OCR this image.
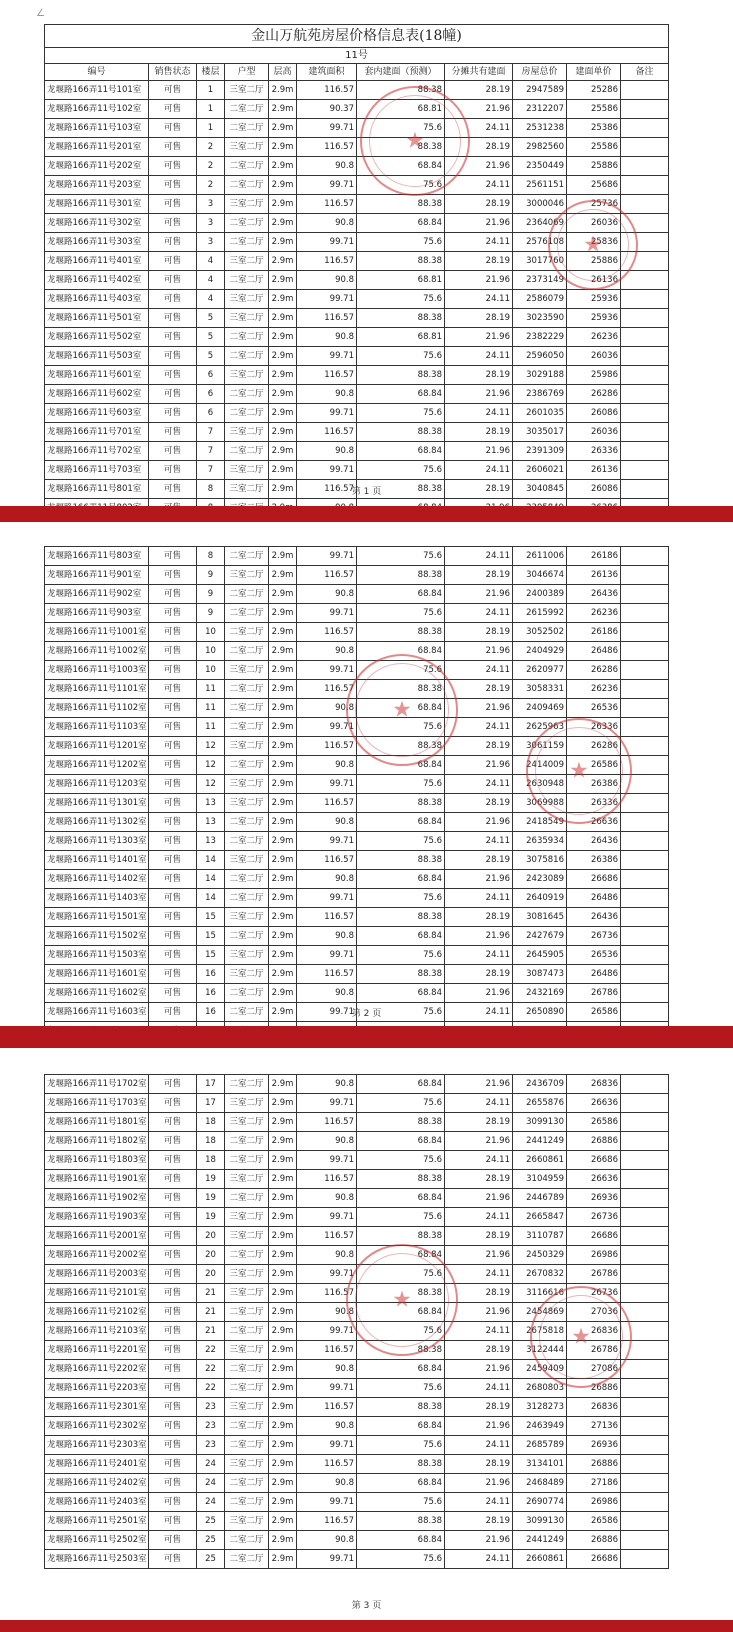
∠
金山万航苑房屋价格信息表(18幢)										
11号										
编号	销售状态	楼层	户型	层高	建筑面积	套内建面（预测）	分摊共有建面	房屋总价	建面单价	备注
龙堰路166弄11号101室	可售	1	三室二厅	2.9m	116.57	88.38	28.19	2947589	25286	
龙堰路166弄11号102室	可售	1	二室二厅	2.9m	90.37	68.81	21.96	2312207	25586	
龙堰路166弄11号103室	可售	1	二室二厅	2.9m	99.71	75.6	24.11	2531238	25386	
龙堰路166弄11号201室	可售	2	三室二厅	2.9m	116.57	88.38	28.19	2982560	25586	
龙堰路166弄11号202室	可售	2	二室二厅	2.9m	90.8	68.84	21.96	2350449	25886	
龙堰路166弄11号203室	可售	2	二室二厅	2.9m	99.71	75.6	24.11	2561151	25686	
龙堰路166弄11号301室	可售	3	三室二厅	2.9m	116.57	88.38	28.19	3000046	25736	
龙堰路166弄11号302室	可售	3	二室二厅	2.9m	90.8	68.84	21.96	2364069	26036	
龙堰路166弄11号303室	可售	3	二室二厅	2.9m	99.71	75.6	24.11	2576108	25836	
龙堰路166弄11号401室	可售	4	三室二厅	2.9m	116.57	88.38	28.19	3017760	25886	
龙堰路166弄11号402室	可售	4	二室二厅	2.9m	90.8	68.81	21.96	2373149	26136	
龙堰路166弄11号403室	可售	4	三室二厅	2.9m	99.71	75.6	24.11	2586079	25936	
龙堰路166弄11号501室	可售	5	三室二厅	2.9m	116.57	88.38	28.19	3023590	25936	
龙堰路166弄11号502室	可售	5	二室二厅	2.9m	90.8	68.81	21.96	2382229	26236	
龙堰路166弄11号503室	可售	5	二室二厅	2.9m	99.71	75.6	24.11	2596050	26036	
龙堰路166弄11号601室	可售	6	三室二厅	2.9m	116.57	88.38	28.19	3029188	25986	
龙堰路166弄11号602室	可售	6	二室二厅	2.9m	90.8	68.84	21.96	2386769	26286	
龙堰路166弄11号603室	可售	6	二室二厅	2.9m	99.71	75.6	24.11	2601035	26086	
龙堰路166弄11号701室	可售	7	三室二厅	2.9m	116.57	88.38	28.19	3035017	26036	
龙堰路166弄11号702室	可售	7	二室二厅	2.9m	90.8	68.84	21.96	2391309	26336	
龙堰路166弄11号703室	可售	7	三室二厅	2.9m	99.71	75.6	24.11	2606021	26136	
龙堰路166弄11号801室	可售	8	三室二厅	2.9m	116.57	88.38	28.19	3040845	26086	

★
★
第 1 页
龙堰路166弄11号803室	可售	8	二室二厅	2.9m	99.71	75.6	24.11	2611006	26186	
龙堰路166弄11号901室	可售	9	三室二厅	2.9m	116.57	88.38	28.19	3046674	26136	
龙堰路166弄11号902室	可售	9	二室二厅	2.9m	90.8	68.84	21.96	2400389	26436	
龙堰路166弄11号903室	可售	9	二室二厅	2.9m	99.71	75.6	24.11	2615992	26236	
龙堰路166弄11号1001室	可售	10	二室二厅	2.9m	116.57	88.38	28.19	3052502	26186	
龙堰路166弄11号1002室	可售	10	二室二厅	2.9m	90.8	68.84	21.96	2404929	26486	
龙堰路166弄11号1003室	可售	10	三室二厅	2.9m	99.71	75.6	24.11	2620977	26286	
龙堰路166弄11号1101室	可售	11	二室二厅	2.9m	116.57	88.38	28.19	3058331	26236	
龙堰路166弄11号1102室	可售	11	二室二厅	2.9m	90.8	68.84	21.96	2409469	26536	
龙堰路166弄11号1103室	可售	11	二室二厅	2.9m	99.71	75.6	24.11	2625963	26336	
龙堰路166弄11号1201室	可售	12	三室二厅	2.9m	116.57	88.38	28.19	3061159	26286	
龙堰路166弄11号1202室	可售	12	二室二厅	2.9m	90.8	68.84	21.96	2414009	26586	
龙堰路166弄11号1203室	可售	12	三室二厅	2.9m	99.71	75.6	24.11	2630948	26386	
龙堰路166弄11号1301室	可售	13	三室二厅	2.9m	116.57	88.38	28.19	3069988	26336	
龙堰路166弄11号1302室	可售	13	二室二厅	2.9m	90.8	68.84	21.96	2418549	26636	
龙堰路166弄11号1303室	可售	13	二室二厅	2.9m	99.71	75.6	24.11	2635934	26436	
龙堰路166弄11号1401室	可售	14	三室二厅	2.9m	116.57	88.38	28.19	3075816	26386	
龙堰路166弄11号1402室	可售	14	二室二厅	2.9m	90.8	68.84	21.96	2423089	26686	
龙堰路166弄11号1403室	可售	14	二室二厅	2.9m	99.71	75.6	24.11	2640919	26486	
龙堰路166弄11号1501室	可售	15	三室二厅	2.9m	116.57	88.38	28.19	3081645	26436	
龙堰路166弄11号1502室	可售	15	二室二厅	2.9m	90.8	68.84	21.96	2427679	26736	
龙堰路166弄11号1503室	可售	15	三室二厅	2.9m	99.71	75.6	24.11	2645905	26536	
龙堰路166弄11号1601室	可售	16	三室二厅	2.9m	116.57	88.38	28.19	3087473	26486	
龙堰路166弄11号1602室	可售	16	二室二厅	2.9m	90.8	68.84	21.96	2432169	26786	
龙堰路166弄11号1603室	可售	16	二室二厅	2.9m	99.71	75.6	24.11	2650890	26586	

★
★
第 2 页
龙堰路166弄11号1702室	可售	17	二室二厅	2.9m	90.8	68.84	21.96	2436709	26836	
龙堰路166弄11号1703室	可售	17	三室二厅	2.9m	99.71	75.6	24.11	2655876	26636	
龙堰路166弄11号1801室	可售	18	三室二厅	2.9m	116.57	88.38	28.19	3099130	26586	
龙堰路166弄11号1802室	可售	18	二室二厅	2.9m	90.8	68.84	21.96	2441249	26886	
龙堰路166弄11号1803室	可售	18	二室二厅	2.9m	99.71	75.6	24.11	2660861	26686	
龙堰路166弄11号1901室	可售	19	三室二厅	2.9m	116.57	88.38	28.19	3104959	26636	
龙堰路166弄11号1902室	可售	19	二室二厅	2.9m	90.8	68.84	21.96	2446789	26936	
龙堰路166弄11号1903室	可售	19	三室二厅	2.9m	99.71	75.6	24.11	2665847	26736	
龙堰路166弄11号2001室	可售	20	三室二厅	2.9m	116.57	88.38	28.19	3110787	26686	
龙堰路166弄11号2002室	可售	20	二室二厅	2.9m	90.8	68.84	21.96	2450329	26986	
龙堰路166弄11号2003室	可售	20	三室二厅	2.9m	99.71	75.6	24.11	2670832	26786	
龙堰路166弄11号2101室	可售	21	三室二厅	2.9m	116.57	88.38	28.19	3116616	26736	
龙堰路166弄11号2102室	可售	21	二室二厅	2.9m	90.8	68.84	21.96	2454869	27036	
龙堰路166弄11号2103室	可售	21	二室二厅	2.9m	99.71	75.6	24.11	2675818	26836	
龙堰路166弄11号2201室	可售	22	三室二厅	2.9m	116.57	88.38	28.19	3122444	26786	
龙堰路166弄11号2202室	可售	22	二室二厅	2.9m	90.8	68.84	21.96	2459409	27086	
龙堰路166弄11号2203室	可售	22	二室二厅	2.9m	99.71	75.6	24.11	2680803	26886	
龙堰路166弄11号2301室	可售	23	三室二厅	2.9m	116.57	88.38	28.19	3128273	26836	
龙堰路166弄11号2302室	可售	23	二室二厅	2.9m	90.8	68.84	21.96	2463949	27136	
龙堰路166弄11号2303室	可售	23	二室二厅	2.9m	99.71	75.6	24.11	2685789	26936	
龙堰路166弄11号2401室	可售	24	三室二厅	2.9m	116.57	88.38	28.19	3134101	26886	
龙堰路166弄11号2402室	可售	24	二室二厅	2.9m	90.8	68.84	21.96	2468489	27186	
龙堰路166弄11号2403室	可售	24	二室二厅	2.9m	99.71	75.6	24.11	2690774	26986	
龙堰路166弄11号2501室	可售	25	三室二厅	2.9m	116.57	88.38	28.19	3099130	26586	
龙堰路166弄11号2502室	可售	25	二室二厅	2.9m	90.8	68.84	21.96	2441249	26886	
龙堰路166弄11号2503室	可售	25	二室二厅	2.9m	99.71	75.6	24.11	2660861	26686	
★
★
第 3 页
